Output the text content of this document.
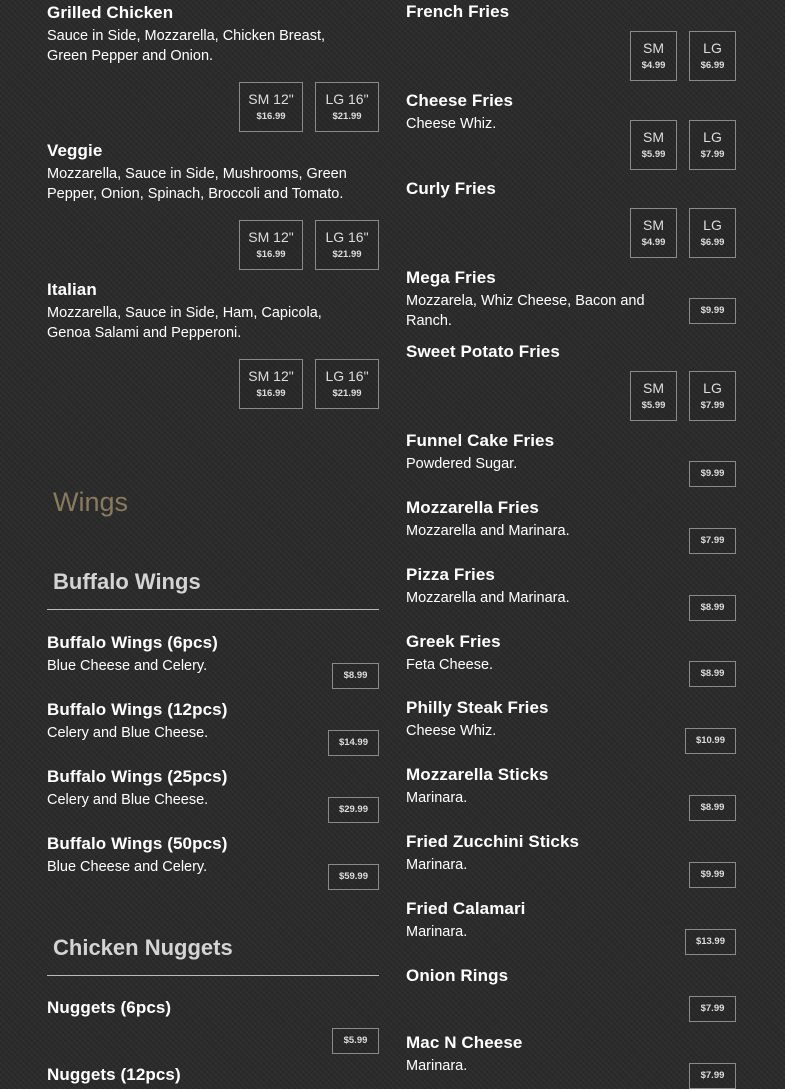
Grilled Chicken
Sauce in Side, Mozzarella, Chicken Breast, Green Pepper and Onion.
SM 12"
$16.99
LG 16"
$21.99
Veggie
Mozzarella, Sauce in Side, Mushrooms, Green Pepper, Onion, Spinach, Broccoli and Tomato.
SM 12"
$16.99
LG 16"
$21.99
Italian
Mozzarella, Sauce in Side, Ham, Capicola, Genoa Salami and Pepperoni.
SM 12"
$16.99
LG 16"
$21.99
Wings
Buffalo Wings
Buffalo Wings (6pcs)
Blue Cheese and Celery.
$8.99
Buffalo Wings (12pcs)
Celery and Blue Cheese.
$14.99
Buffalo Wings (25pcs)
Celery and Blue Cheese.
$29.99
Buffalo Wings (50pcs)
Blue Cheese and Celery.
$59.99
Chicken Nuggets
Nuggets (6pcs)
$5.99
Nuggets (12pcs)
French Fries
SM
$4.99
LG
$6.99
Cheese Fries
Cheese Whiz.
SM
$5.99
LG
$7.99
Curly Fries
SM
$4.99
LG
$6.99
Mega Fries
Mozzarela, Whiz Cheese, Bacon and Ranch.
$9.99
Sweet Potato Fries
SM
$5.99
LG
$7.99
Funnel Cake Fries
Powdered Sugar.
$9.99
Mozzarella Fries
Mozzarella and Marinara.
$7.99
Pizza Fries
Mozzarella and Marinara.
$8.99
Greek Fries
Feta Cheese.
$8.99
Philly Steak Fries
Cheese Whiz.
$10.99
Mozzarella Sticks
Marinara.
$8.99
Fried Zucchini Sticks
Marinara.
$9.99
Fried Calamari
Marinara.
$13.99
Onion Rings
$7.99
Mac N Cheese
Marinara.
$7.99
